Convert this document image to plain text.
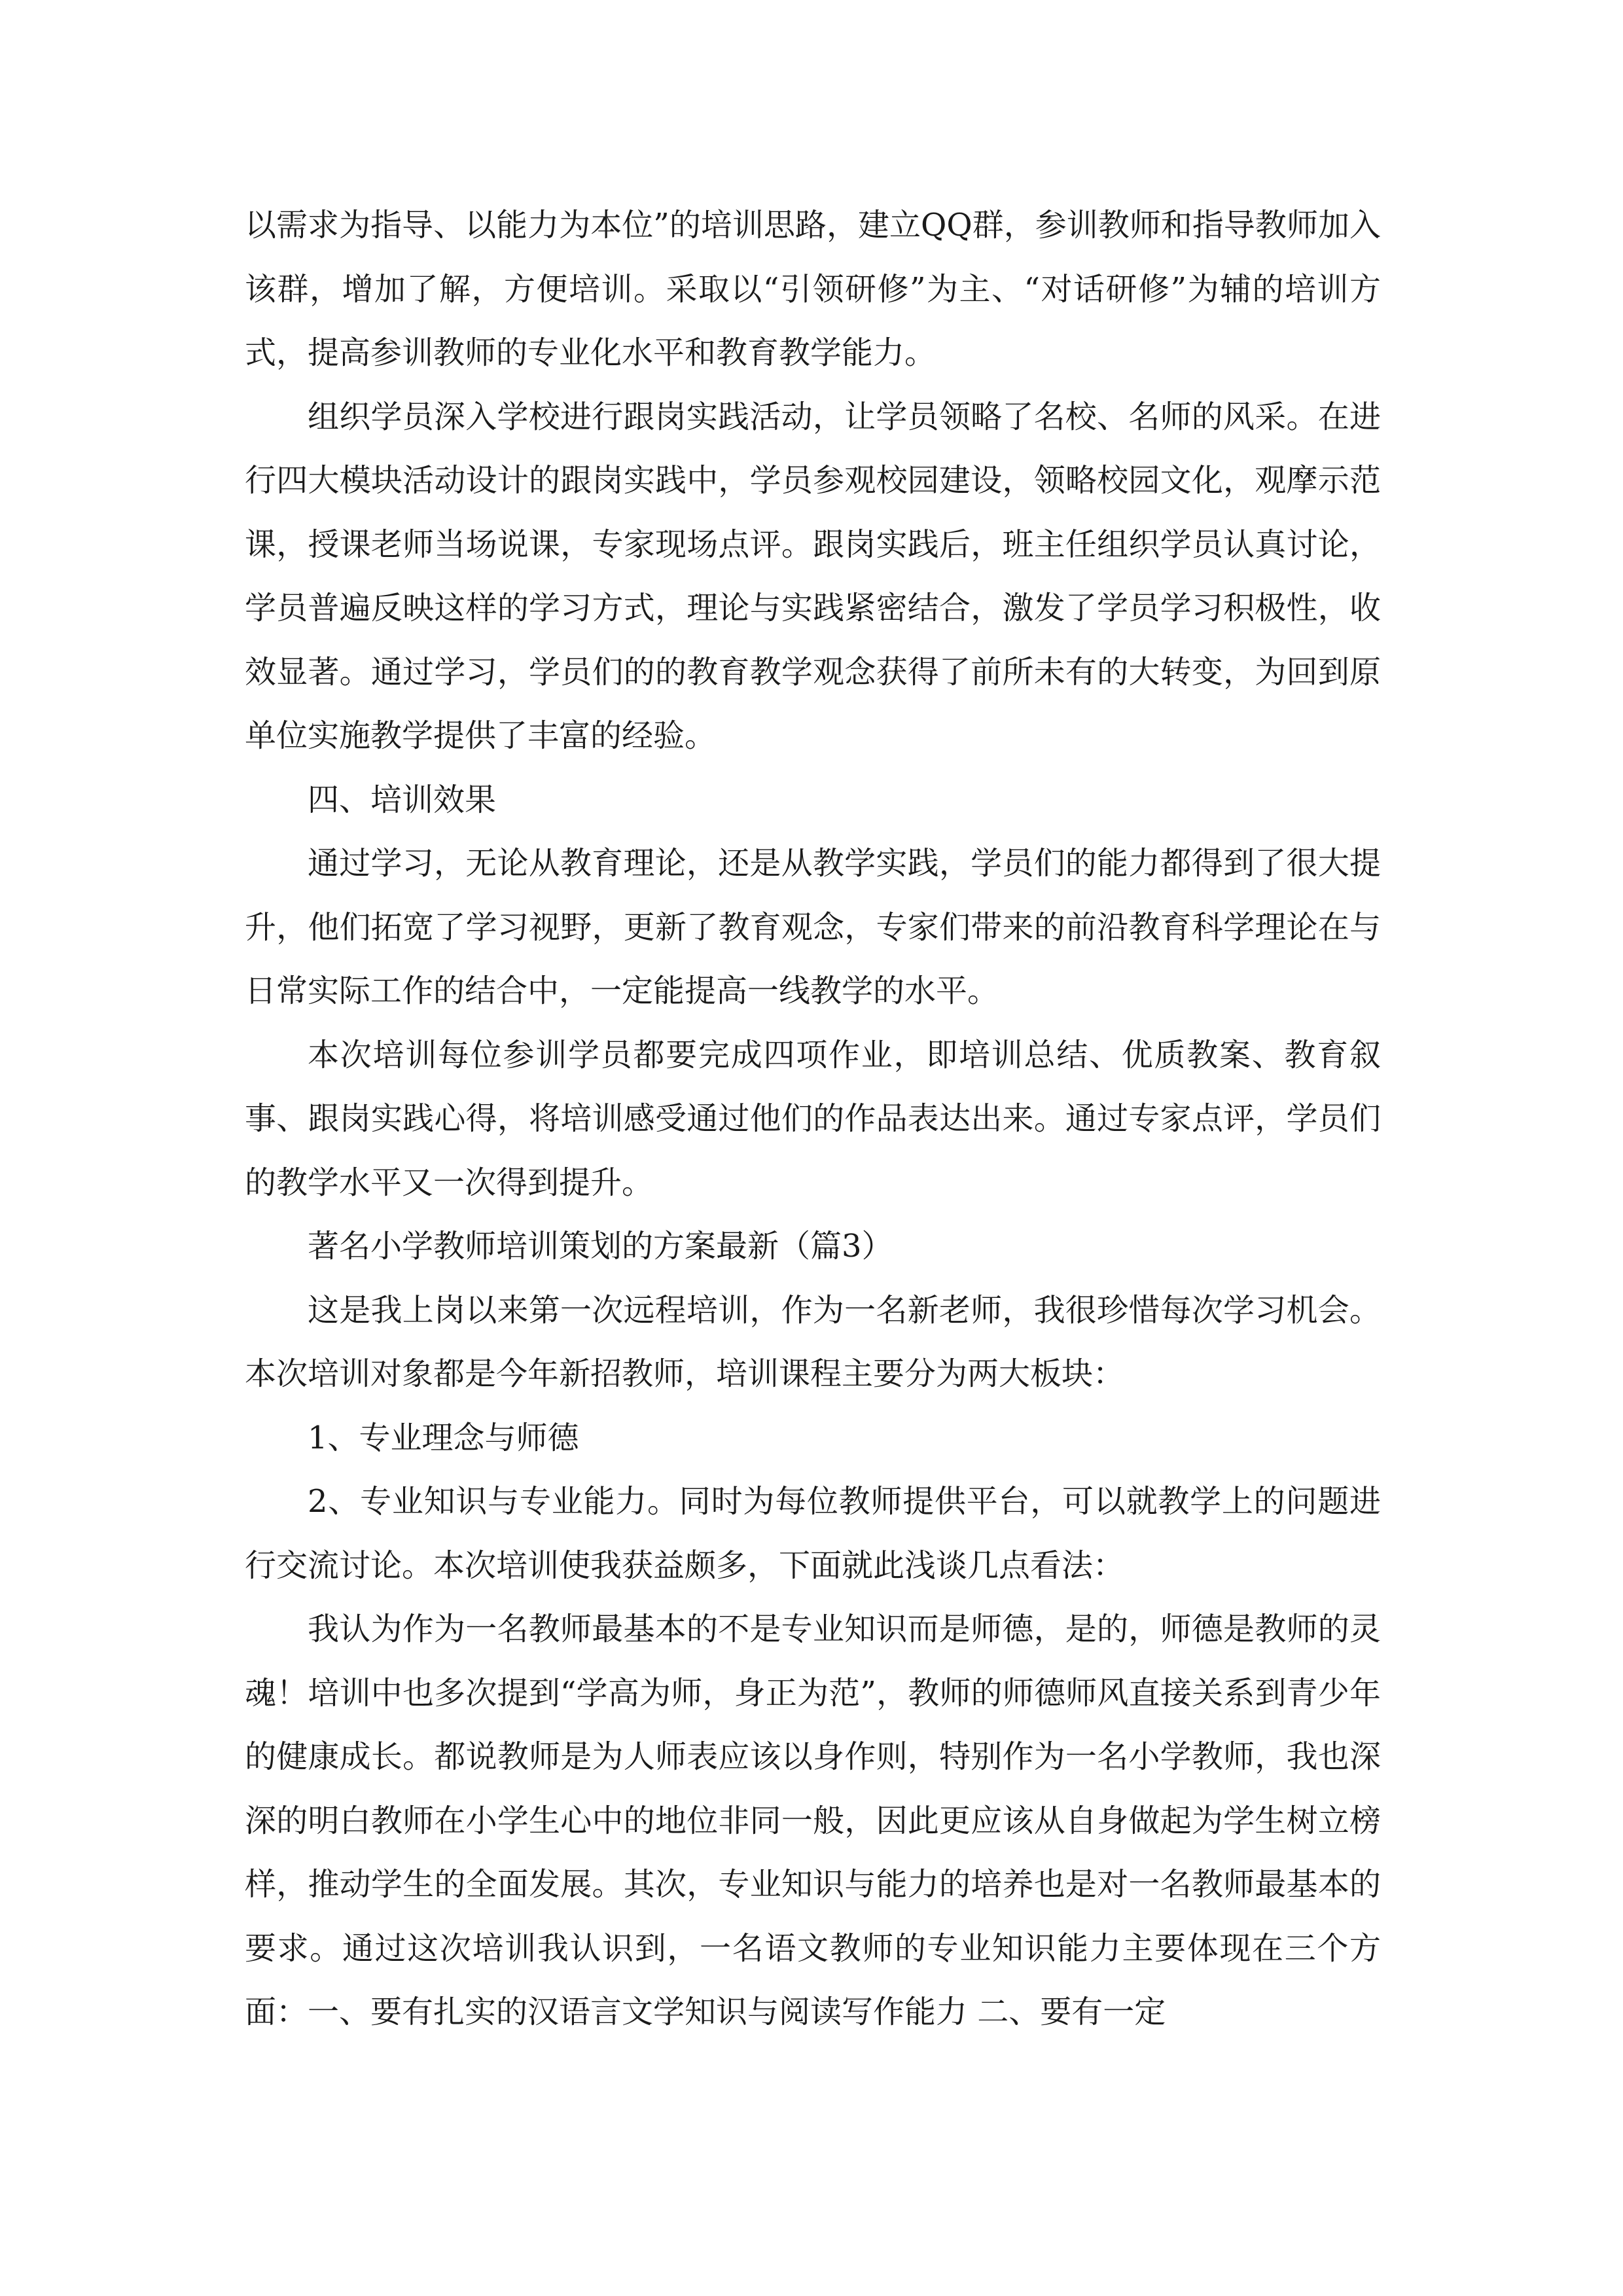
以需求为指导、以能力为本位”的培训思路，建立QQ群，参训教师和指导教师加入该群，增加了解，方便培训。采取以“引领研修”为主、“对话研修”为辅的培训方式，提高参训教师的专业化水平和教育教学能力。

组织学员深入学校进行跟岗实践活动，让学员领略了名校、名师的风采。在进行四大模块活动设计的跟岗实践中，学员参观校园建设，领略校园文化，观摩示范课，授课老师当场说课，专家现场点评。跟岗实践后，班主任组织学员认真讨论，学员普遍反映这样的学习方式，理论与实践紧密结合，激发了学员学习积极性，收效显著。通过学习，学员们的的教育教学观念获得了前所未有的大转变，为回到原单位实施教学提供了丰富的经验。

四、培训效果

通过学习，无论从教育理论，还是从教学实践，学员们的能力都得到了很大提升，他们拓宽了学习视野，更新了教育观念，专家们带来的前沿教育科学理论在与日常实际工作的结合中，一定能提高一线教学的水平。

本次培训每位参训学员都要完成四项作业，即培训总结、优质教案、教育叙事、跟岗实践心得，将培训感受通过他们的作品表达出来。通过专家点评，学员们的教学水平又一次得到提升。

著名小学教师培训策划的方案最新（篇3）

这是我上岗以来第一次远程培训，作为一名新老师，我很珍惜每次学习机会。本次培训对象都是今年新招教师，培训课程主要分为两大板块：

1、专业理念与师德

2、专业知识与专业能力。同时为每位教师提供平台，可以就教学上的问题进行交流讨论。本次培训使我获益颇多，下面就此浅谈几点看法：

我认为作为一名教师最基本的不是专业知识而是师德，是的，师德是教师的灵魂！培训中也多次提到“学高为师，身正为范”，教师的师德师风直接关系到青少年的健康成长。都说教师是为人师表应该以身作则，特别作为一名小学教师，我也深深的明白教师在小学生心中的地位非同一般，因此更应该从自身做起为学生树立榜样，推动学生的全面发展。其次，专业知识与能力的培养也是对一名教师最基本的要求。通过这次培训我认识到，一名语文教师的专业知识能力主要体现在三个方面：一、要有扎实的汉语言文学知识与阅读写作能力 二、要有一定
